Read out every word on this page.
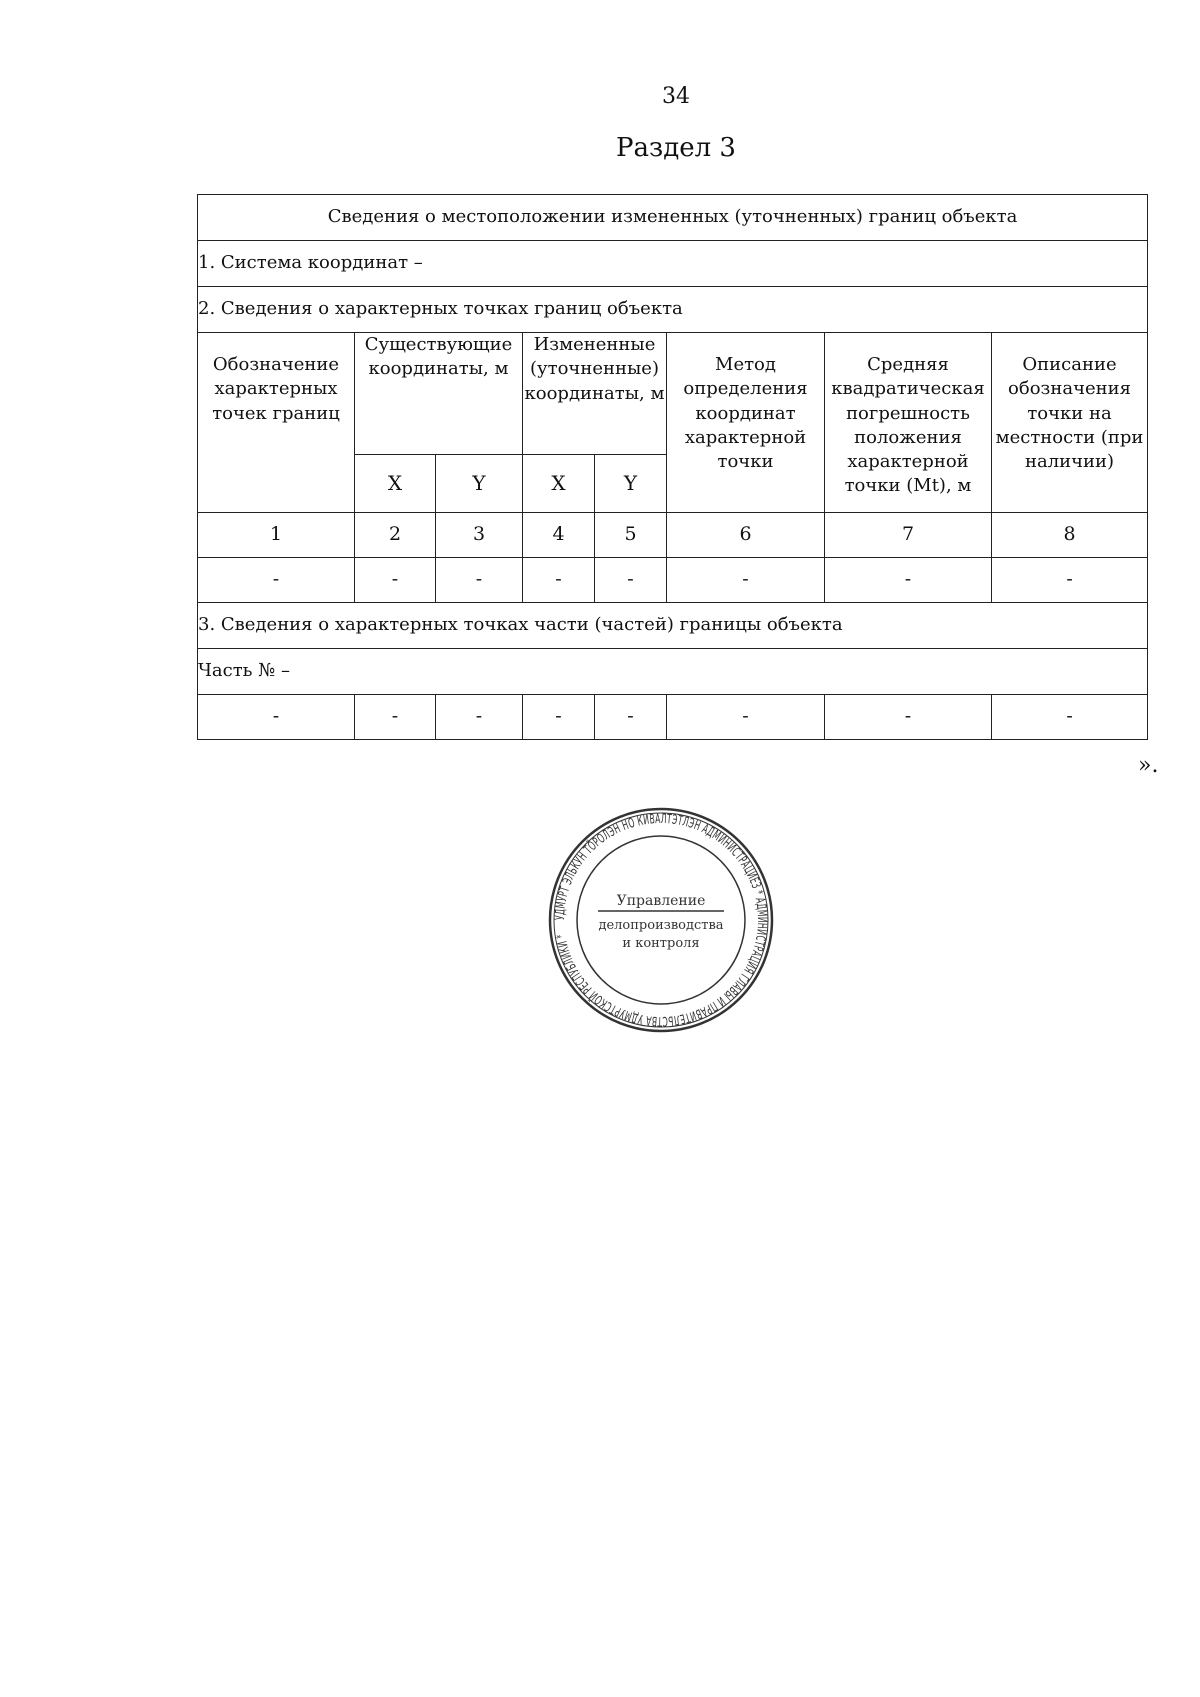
34
Раздел 3
Сведения о местоположении измененных (уточненных) границ объекта							
1. Система координат –							
2. Сведения о характерных точках границ объекта							
Обозначение характерных точек границ	Существующие координаты, м		Измененные (уточненные) координаты, м		Метод определения координат характерной точки	Средняя квадратическая погрешность положения характерной точки (Mt), м	Описание обозначения точки на местности (при наличии)
	X	Y	X	Y			
1	2	3	4	5	6	7	8
-	-	-	-	-	-	-	-
3. Сведения о характерных точках части (частей) границы объекта							
Часть № –							
-	-	-	-	-	-	-	-
».
УДМУРТ ЭЛЬКУН ТӦРОЛЭН НО КИВАЛТЭТЛЭН АДМИНИСТРАЦИЕЗ * АДМИНИСТРАЦИЯ ГЛАВЫ И ПРАВИТЕЛЬСТВА УДМУРТСКОЙ РЕСПУБЛИКИ *
Управление
делопроизводства
и контроля
